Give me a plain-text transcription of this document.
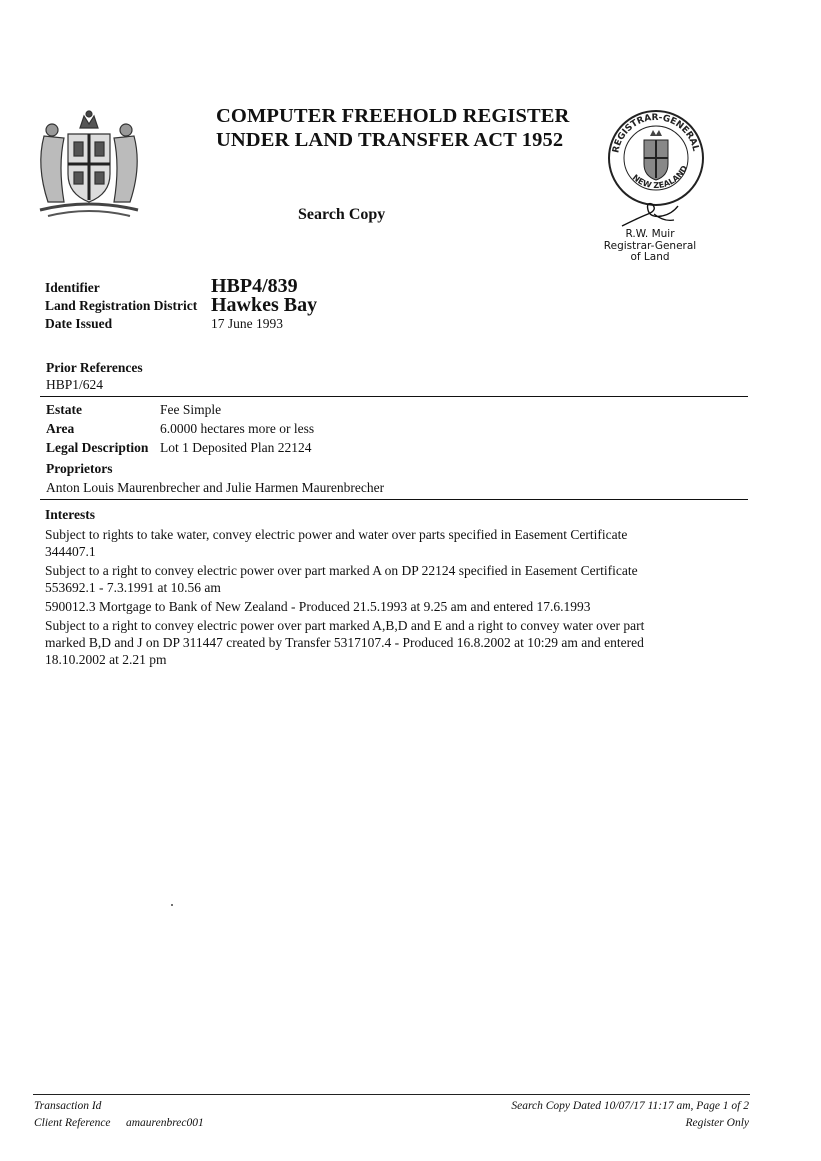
COMPUTER FREEHOLD REGISTER
UNDER LAND TRANSFER ACT 1952
Search Copy
REGISTRAR-GENERAL
NEW ZEALAND
R.W. Muir
Registrar-General
of Land
Identifier	HBP4/839
Land Registration District Hawkes Bay
Date Issued	17 June 1993
Prior References
HBP1/624
Estate	Fee Simple
Area	6.0000 hectares more or less
Legal Description Lot 1 Deposited Plan 22124
Proprietors
Anton Louis Maurenbrecher and Julie Harmen Maurenbrecher
Interests
Subject to rights to take water, convey electric power and water over parts specified in Easement Certificate
344407.1
Subject to a right to convey electric power over part marked A on DP 22124 specified in Easement Certificate
553692.1 - 7.3.1991 at 10.56 am
590012.3 Mortgage to Bank of New Zealand - Produced 21.5.1993 at 9.25 am and entered 17.6.1993
Subject to a right to convey electric power over part marked A,B,D and E and a right to convey water over part
marked B,D and J on DP 311447 created by Transfer 5317107.4 - Produced 16.8.2002 at 10:29 am and entered
18.10.2002 at 2.21 pm
Transaction Id
Client Reference amaurenbrec001
Search Copy Dated 10/07/17 11:17 am, Page 1 of 2
Register Only
